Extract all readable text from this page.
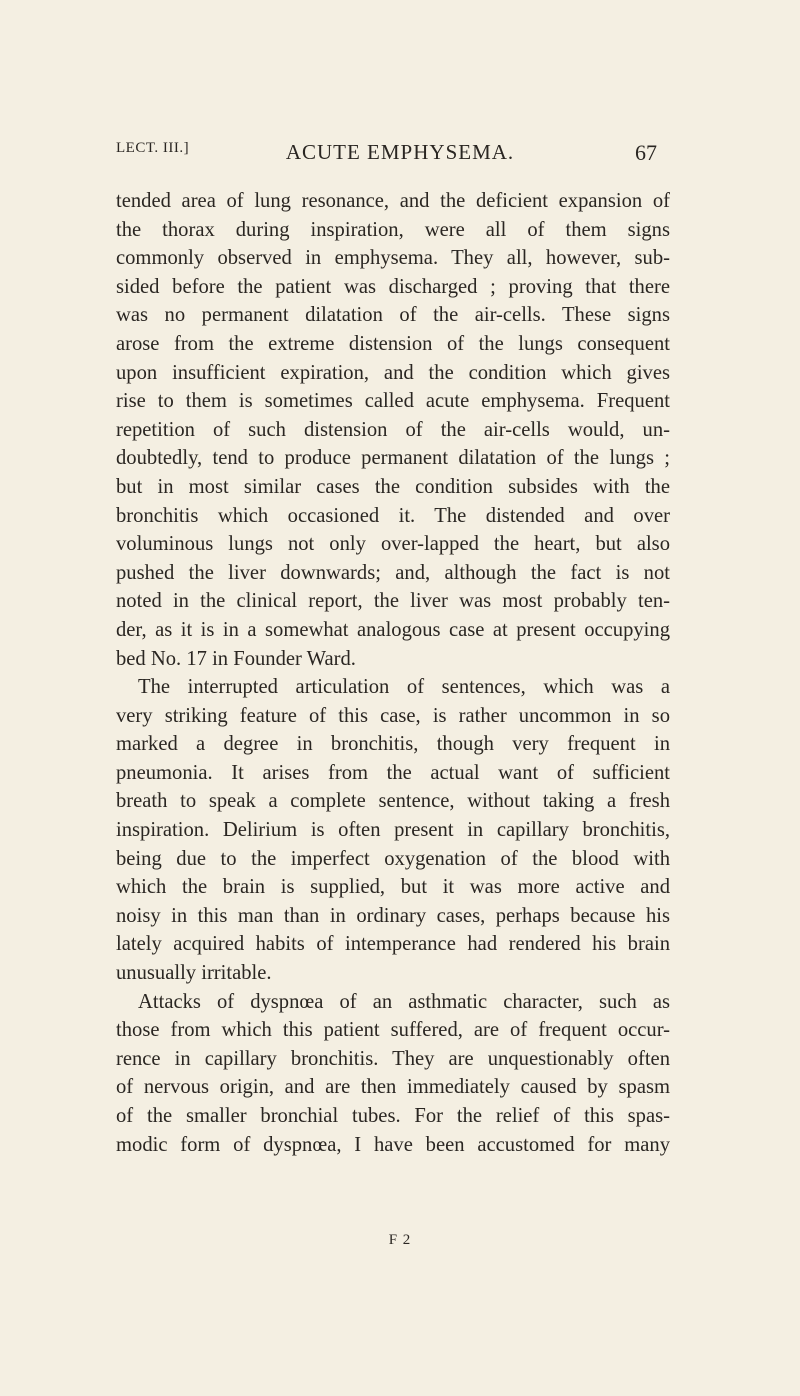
LECT. III.]	ACUTE EMPHYSEMA.	67
tended area of lung resonance, and the deficient expansion of
the thorax during inspiration, were all of them signs
commonly observed in emphysema. They all, however, sub-
sided before the patient was discharged ; proving that there
was no permanent dilatation of the air-cells. These signs
arose from the extreme distension of the lungs consequent
upon insufficient expiration, and the condition which gives
rise to them is sometimes called acute emphysema. Frequent
repetition of such distension of the air-cells would, un-
doubtedly, tend to produce permanent dilatation of the lungs ;
but in most similar cases the condition subsides with the
bronchitis which occasioned it. The distended and over
voluminous lungs not only over-lapped the heart, but also
pushed the liver downwards; and, although the fact is not
noted in the clinical report, the liver was most probably ten-
der, as it is in a somewhat analogous case at present occupying
bed No. 17 in Founder Ward.
The interrupted articulation of sentences, which was a
very striking feature of this case, is rather uncommon in so
marked a degree in bronchitis, though very frequent in
pneumonia. It arises from the actual want of sufficient
breath to speak a complete sentence, without taking a fresh
inspiration. Delirium is often present in capillary bronchitis,
being due to the imperfect oxygenation of the blood with
which the brain is supplied, but it was more active and
noisy in this man than in ordinary cases, perhaps because his
lately acquired habits of intemperance had rendered his brain
unusually irritable.
Attacks of dyspnœa of an asthmatic character, such as
those from which this patient suffered, are of frequent occur-
rence in capillary bronchitis. They are unquestionably often
of nervous origin, and are then immediately caused by spasm
of the smaller bronchial tubes. For the relief of this spas-
modic form of dyspnœa, I have been accustomed for many
F 2
